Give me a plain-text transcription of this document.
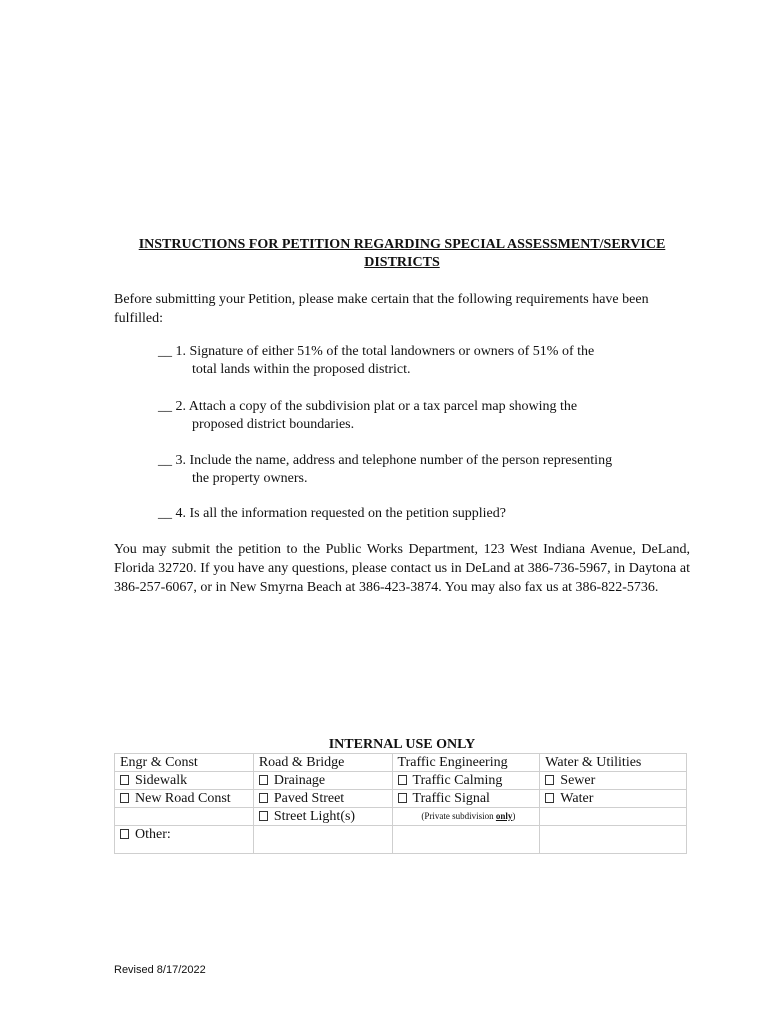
INSTRUCTIONS FOR PETITION REGARDING SPECIAL ASSESSMENT/SERVICE
DISTRICTS
Before submitting your Petition, please make certain that the following requirements have been fulfilled:
__ 1. Signature of either 51% of the total landowners or owners of 51% of the
total lands within the proposed district.
__ 2. Attach a copy of the subdivision plat or a tax parcel map showing the
proposed district boundaries.
__ 3. Include the name, address and telephone number of the person representing
the property owners.
__ 4. Is all the information requested on the petition supplied?
You may submit the petition to the Public Works Department, 123 West Indiana Avenue, DeLand, Florida 32720. If you have any questions, please contact us in DeLand at 386-736-5967, in Daytona at 386-257-6067, or in New Smyrna Beach at 386-423-3874. You may also fax us at 386-822-5736.
INTERNAL USE ONLY
Engr & Const	Road & Bridge	Traffic Engineering	Water & Utilities
Sidewalk	Drainage	Traffic Calming	Sewer
New Road Const	Paved Street	Traffic Signal	Water
	Street Light(s)	(Private subdivision only)	

Other:			
Revised 8/17/2022
